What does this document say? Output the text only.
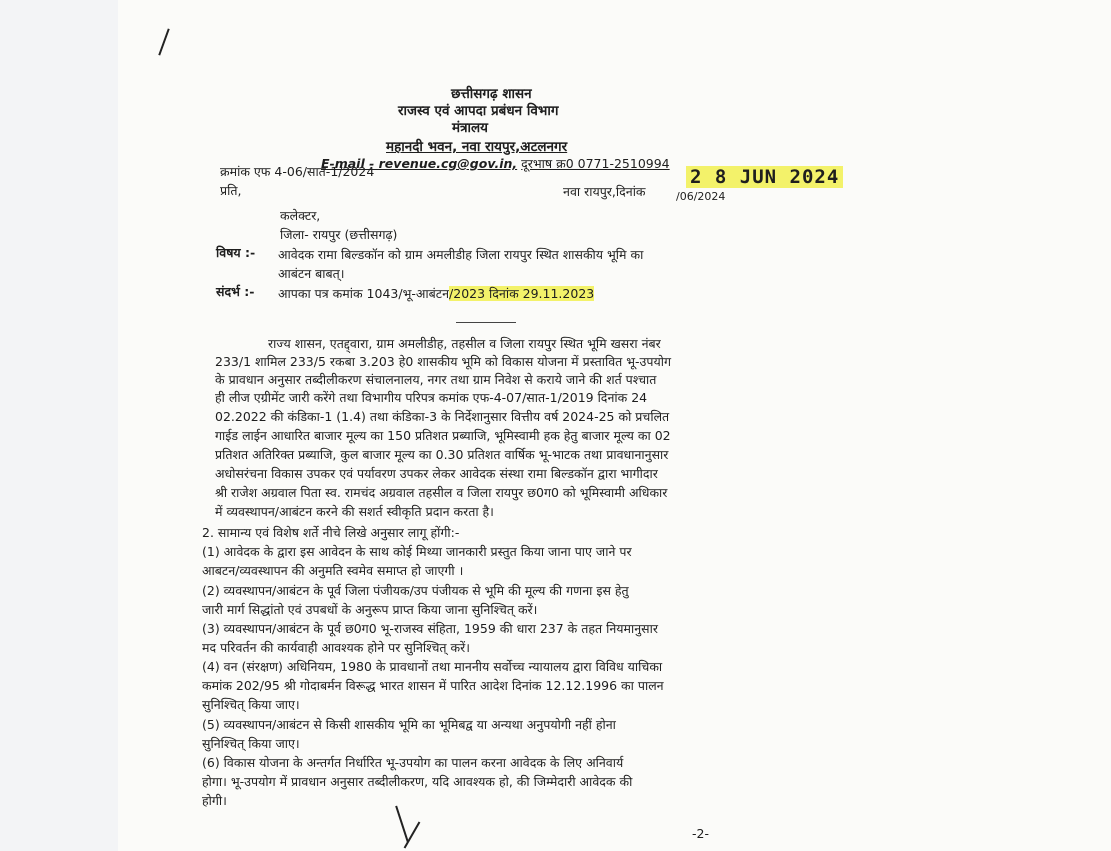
छत्तीसगढ़ शासन
राजस्व एवं आपदा प्रबंधन विभाग
मंत्रालय
महानदी भवन, नवा रायपुर,अटलनगर
E-mail - revenue.cg@gov.in, दूरभाष क्र0 0771-2510994
क्रमांक एफ 4-06/सात-1/2024
प्रति,	नवा रायपुर,दिनांक	/06/2024
2 8 JUN 2024
कलेक्टर,
जिला- रायपुर (छत्तीसगढ़)
विषय :- आवेदक रामा बिल्डकॉन को ग्राम अमलीडीह जिला रायपुर स्थित शासकीय भूमि का
आबंटन बाबत्।
संदर्भ :- आपका पत्र कमांक 1043/भू-आबंटन/2023 दिनांक 29.11.2023
राज्य शासन, एतद्द्वारा, ग्राम अमलीडीह, तहसील व जिला रायपुर स्थित भूमि खसरा नंबर
233/1 शामिल 233/5 रकबा 3.203 हे0 शासकीय भूमि को विकास योजना में प्रस्तावित भू-उपयोग
के प्रावधान अनुसार तब्दीलीकरण संचालनालय, नगर तथा ग्राम निवेश से कराये जाने की शर्त पश्चात
ही लीज एग्रीमेंट जारी करेंगे तथा विभागीय परिपत्र कमांक एफ-4-07/सात-1/2019 दिनांक 24
02.2022 की कंडिका-1 (1.4) तथा कंडिका-3 के निर्देशानुसार वित्तीय वर्ष 2024-25 को प्रचलित
गाईड लाईन आधारित बाजार मूल्य का 150 प्रतिशत प्रब्याजि, भूमिस्वामी हक हेतु बाजार मूल्य का 02
प्रतिशत अतिरिक्त प्रब्याजि, कुल बाजार मूल्य का 0.30 प्रतिशत वार्षिक भू-भाटक तथा प्रावधानानुसार
अधोसरंचना विकास उपकर एवं पर्यावरण उपकर लेकर आवेदक संस्था रामा बिल्डकॉन द्वारा भागीदार
श्री राजेश अग्रवाल पिता स्व. रामचंद अग्रवाल तहसील व जिला रायपुर छ0ग0 को भूमिस्वामी अधिकार
में व्यवस्थापन/आबंटन करने की सशर्त स्वीकृति प्रदान करता है।
2. सामान्य एवं विशेष शर्ते नीचे लिखे अनुसार लागू होंगी:-
(1) आवेदक के द्वारा इस आवेदन के साथ कोई मिथ्या जानकारी प्रस्तुत किया जाना पाए जाने पर
आबटन/व्यवस्थापन की अनुमति स्वमेव समाप्त हो जाएगी ।
(2) व्यवस्थापन/आबंटन के पूर्व जिला पंजीयक/उप पंजीयक से भूमि की मूल्य की गणना इस हेतु
जारी मार्ग सिद्धांतो एवं उपबधों के अनुरूप प्राप्त किया जाना सुनिश्चित् करें।
(3) व्यवस्थापन/आबंटन के पूर्व छ0ग0 भू-राजस्व संहिता, 1959 की धारा 237 के तहत नियमानुसार
मद परिवर्तन की कार्यवाही आवश्यक होने पर सुनिश्चित् करें।
(4) वन (संरक्षण) अधिनियम, 1980 के प्रावधानों तथा माननीय सर्वोच्च न्यायालय द्वारा विविध याचिका
कमांक 202/95 श्री गोदाबर्मन विरूद्ध भारत शासन में पारित आदेश दिनांक 12.12.1996 का पालन
सुनिश्चित् किया जाए।
(5) व्यवस्थापन/आबंटन से किसी शासकीय भूमि का भूमिबद्व या अन्यथा अनुपयोगी नहीं होना
सुनिश्चित् किया जाए।
(6) विकास योजना के अन्तर्गत निर्धारित भू-उपयोग का पालन करना आवेदक के लिए अनिवार्य
होगा। भू-उपयोग में प्रावधान अनुसार तब्दीलीकरण, यदि आवश्यक हो, की जिम्मेदारी आवेदक की
होगी।
-2-
